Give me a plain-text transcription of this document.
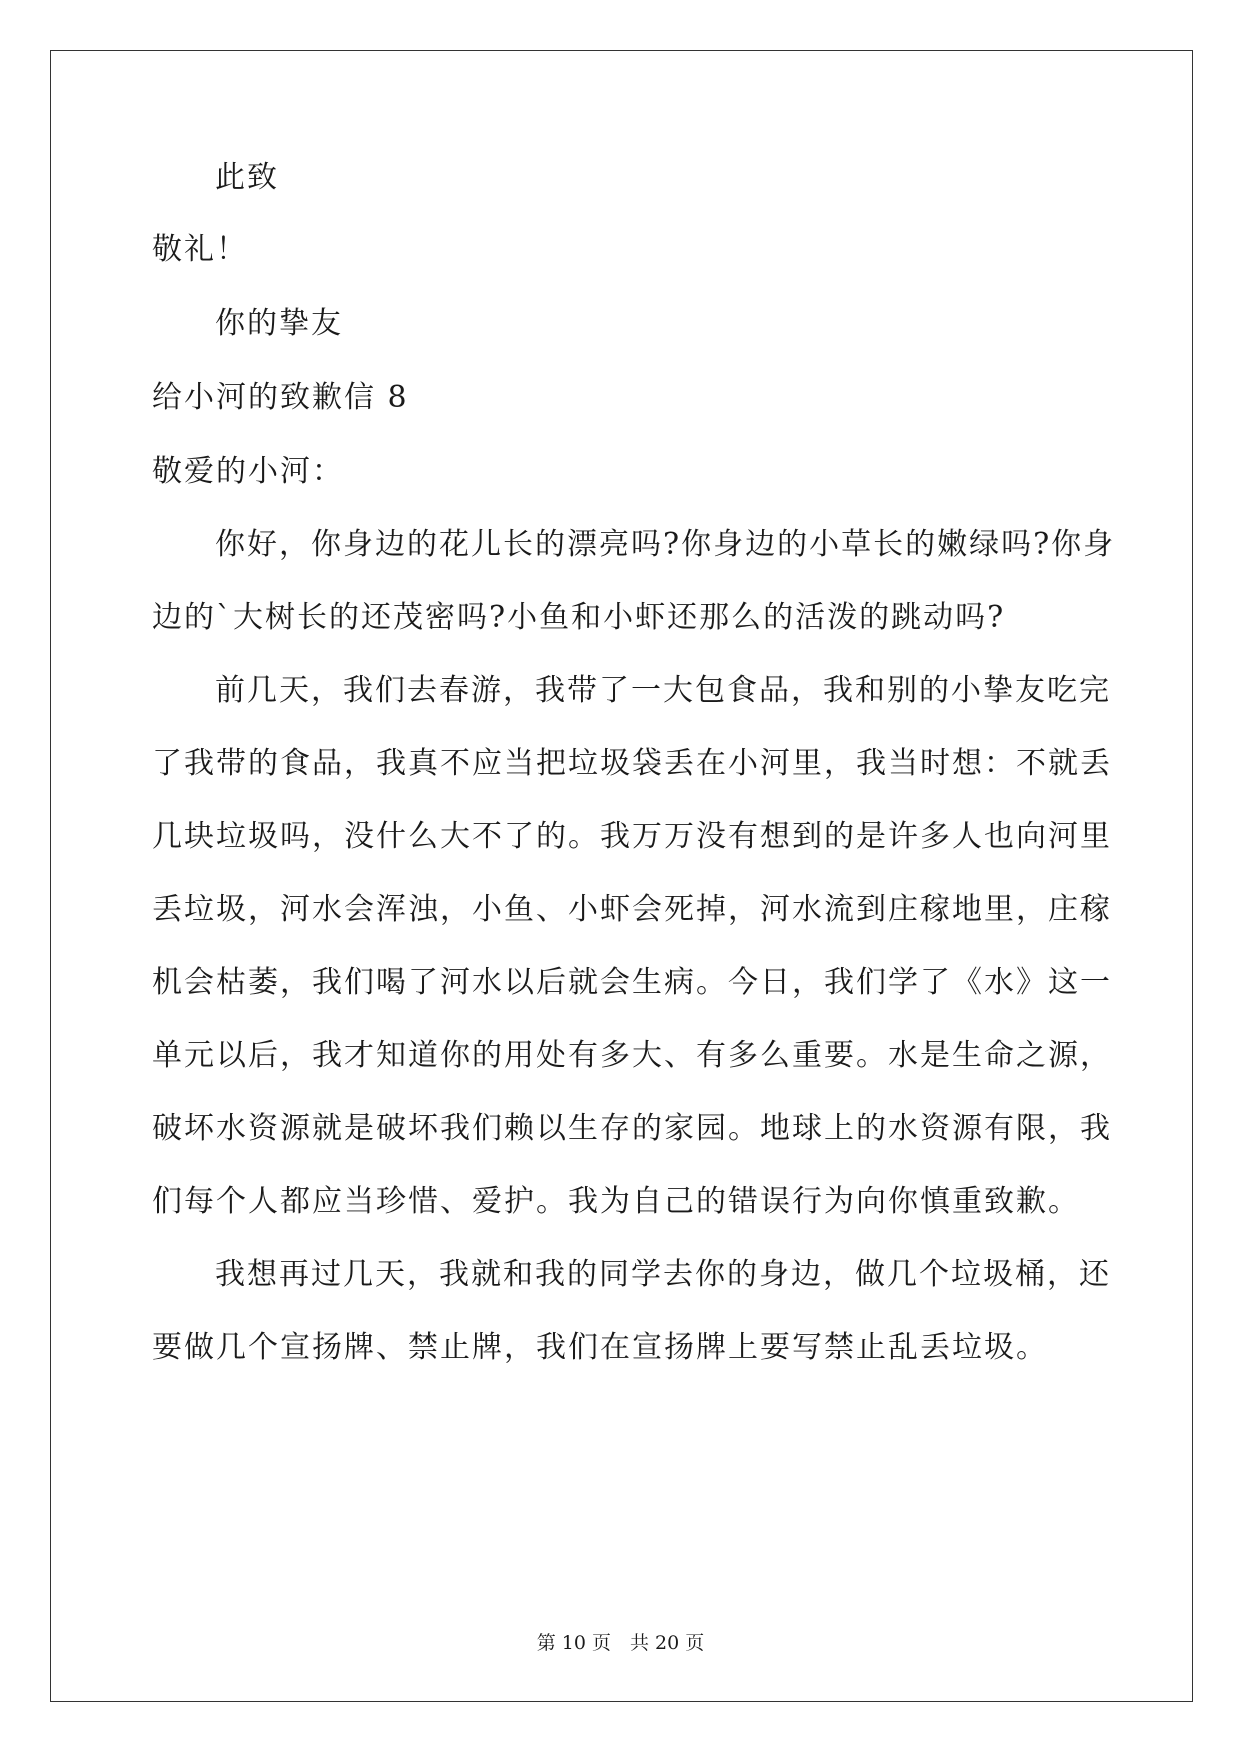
此致

敬礼！

你的挚友

给小河的致歉信 8

敬爱的小河：

你好，你身边的花儿长的漂亮吗?你身边的小草长的嫩绿吗?你身

边的`大树长的还茂密吗?小鱼和小虾还那么的活泼的跳动吗?

前几天，我们去春游，我带了一大包食品，我和别的小挚友吃完

了我带的食品，我真不应当把垃圾袋丢在小河里，我当时想：不就丢

几块垃圾吗，没什么大不了的。我万万没有想到的是许多人也向河里

丢垃圾，河水会浑浊，小鱼、小虾会死掉，河水流到庄稼地里，庄稼

机会枯萎，我们喝了河水以后就会生病。今日，我们学了《水》这一

单元以后，我才知道你的用处有多大、有多么重要。水是生命之源，

破坏水资源就是破坏我们赖以生存的家园。地球上的水资源有限，我

们每个人都应当珍惜、爱护。我为自己的错误行为向你慎重致歉。

我想再过几天，我就和我的同学去你的身边，做几个垃圾桶，还

要做几个宣扬牌、禁止牌，我们在宣扬牌上要写禁止乱丢垃圾。

第 10 页　共 20 页
